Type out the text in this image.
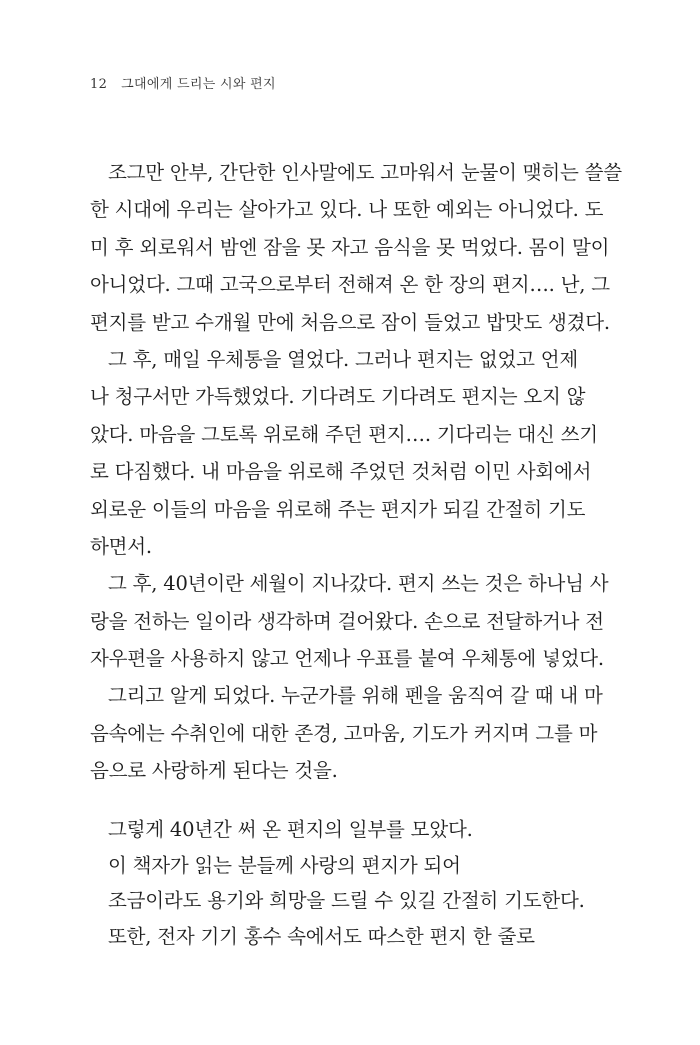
12 그대에게 드리는 시와 편지
조그만 안부, 간단한 인사말에도 고마워서 눈물이 맺히는 쓸쓸
한 시대에 우리는 살아가고 있다. 나 또한 예외는 아니었다. 도
미 후 외로워서 밤엔 잠을 못 자고 음식을 못 먹었다. 몸이 말이
아니었다. 그때 고국으로부터 전해져 온 한 장의 편지…. 난, 그
편지를 받고 수개월 만에 처음으로 잠이 들었고 밥맛도 생겼다.
그 후, 매일 우체통을 열었다. 그러나 편지는 없었고 언제
나 청구서만 가득했었다. 기다려도 기다려도 편지는 오지 않
았다. 마음을 그토록 위로해 주던 편지…. 기다리는 대신 쓰기
로 다짐했다. 내 마음을 위로해 주었던 것처럼 이민 사회에서
외로운 이들의 마음을 위로해 주는 편지가 되길 간절히 기도
하면서.
그 후, 40년이란 세월이 지나갔다. 편지 쓰는 것은 하나님 사
랑을 전하는 일이라 생각하며 걸어왔다. 손으로 전달하거나 전
자우편을 사용하지 않고 언제나 우표를 붙여 우체통에 넣었다.
그리고 알게 되었다. 누군가를 위해 펜을 움직여 갈 때 내 마
음속에는 수취인에 대한 존경, 고마움, 기도가 커지며 그를 마
음으로 사랑하게 된다는 것을.
그렇게 40년간 써 온 편지의 일부를 모았다.
이 책자가 읽는 분들께 사랑의 편지가 되어
조금이라도 용기와 희망을 드릴 수 있길 간절히 기도한다.
또한, 전자 기기 홍수 속에서도 따스한 편지 한 줄로
